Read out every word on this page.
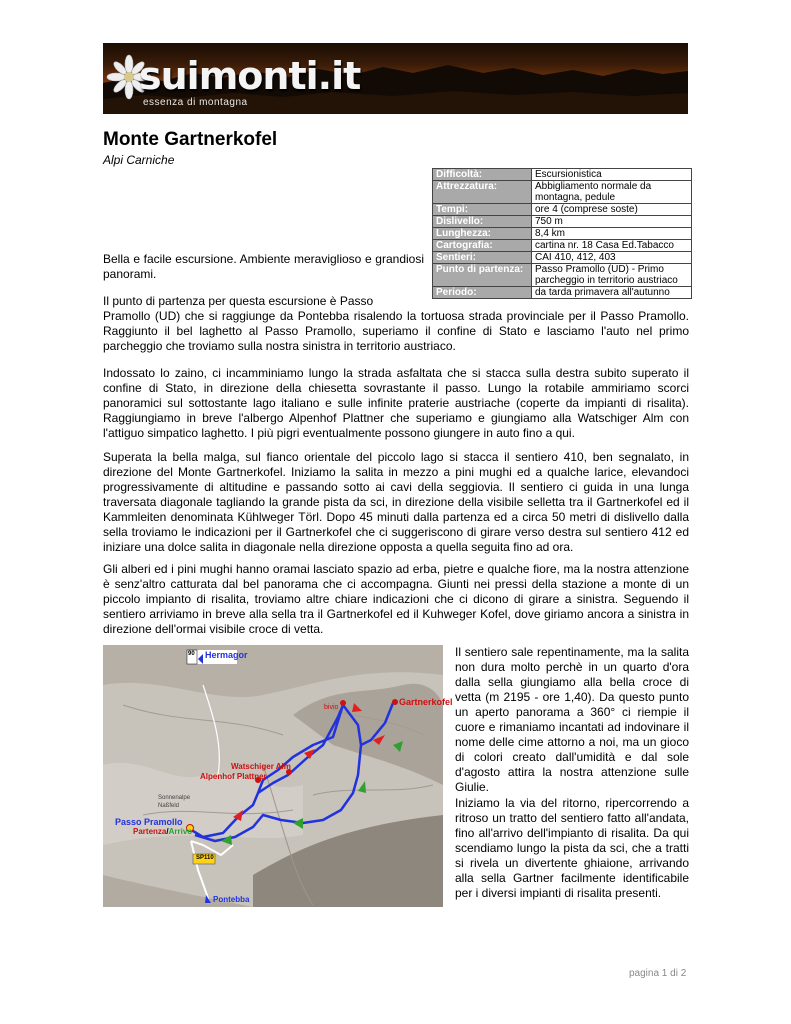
suimonti.it
essenza di montagna
Monte Gartnerkofel
Alpi Carniche
Difficoltà:	Escursionistica
Attrezzatura:	Abbigliamento normale da montagna, pedule
Tempi:	ore 4 (comprese soste)
Dislivello:	750 m
Lunghezza:	8,4 km
Cartografia:	cartina nr. 18 Casa Ed.Tabacco
Sentieri:	CAI 410, 412, 403
Punto di partenza:	Passo Pramollo (UD) - Primo parcheggio in territorio austriaco
Periodo:	da tarda primavera all'autunno

Bella e facile escursione. Ambiente meraviglioso e grandiosi panorami.

Il punto di partenza per questa escursione è Passo

Pramollo (UD) che si raggiunge da Pontebba risalendo la tortuosa strada provinciale per il Passo Pramollo. Raggiunto il bel laghetto al Passo Pramollo, superiamo il confine di Stato e lasciamo l'auto nel primo parcheggio che troviamo sulla nostra sinistra in territorio austriaco.

Indossato lo zaino, ci incamminiamo lungo la strada asfaltata che si stacca sulla destra subito superato il confine di Stato, in direzione della chiesetta sovrastante il passo. Lungo la rotabile ammiriamo scorci panoramici sul sottostante lago italiano e sulle infinite praterie austriache (coperte da impianti di risalita). Raggiungiamo in breve l'albergo Alpenhof Plattner che superiamo e giungiamo alla Watschiger Alm con l'attiguo simpatico laghetto. I più pigri eventualmente possono giungere in auto fino a qui.

Superata la bella malga, sul fianco orientale del piccolo lago si stacca il sentiero 410, ben segnalato, in direzione del Monte Gartnerkofel. Iniziamo la salita in mezzo a pini mughi ed a qualche larice, elevandoci progressivamente di altitudine e passando sotto ai cavi della seggiovia. Il sentiero ci guida in una lunga traversata diagonale tagliando la grande pista da sci, in direzione della visibile selletta tra il Gartnerkofel ed il Kammleiten denominata Kühlweger Törl. Dopo 45 minuti dalla partenza ed a circa 50 metri di dislivello dalla sella troviamo le indicazioni per il Gartnerkofel che ci suggeriscono di girare verso destra sul sentiero 412 ed iniziare una dolce salita in diagonale nella direzione opposta a quella seguita fino ad ora.

Gli alberi ed i pini mughi hanno oramai lasciato spazio ad erba, pietre e qualche fiore, ma la nostra attenzione è senz'altro catturata dal bel panorama che ci accompagna. Giunti nei pressi della stazione a monte di un piccolo impianto di risalita, troviamo altre chiare indicazioni che ci dicono di girare a sinistra. Seguendo il sentiero arriviamo in breve alla sella tra il Gartnerkofel ed il Kuhweger Kofel, dove giriamo ancora a sinistra in direzione dell'ormai visibile croce di vetta.

Il sentiero sale repentinamente, ma la salita non dura molto perchè in un quarto d'ora dalla sella giungiamo alla bella croce di vetta (m 2195 - ore 1,40). Da questo punto un aperto panorama a 360° ci riempie il cuore e rimaniamo incantati ad indovinare il nome delle cime attorno a noi, ma un gioco di colori creato dall'umidità e dal sole d'agosto attira la nostra attenzione sulle Giulie.

Iniziamo la via del ritorno, ripercorrendo a ritroso un tratto del sentiero fatto all'andata, fino all'arrivo dell'impianto di risalita. Da qui scendiamo lungo la pista da sci, che a tratti si rivela un divertente ghiaione, arrivando alla sella Gartner facilmente identificabile per i diversi impianti di risalita presenti.

90 Hermagor
Gartnerkofel
bivio
Watschiger Alm
Alpenhof Plattner
Passo Pramollo
Partenza/Arrivo
SP110
Pontebba
Sonnenalpe
Naßfeld
pagina 1 di 2
